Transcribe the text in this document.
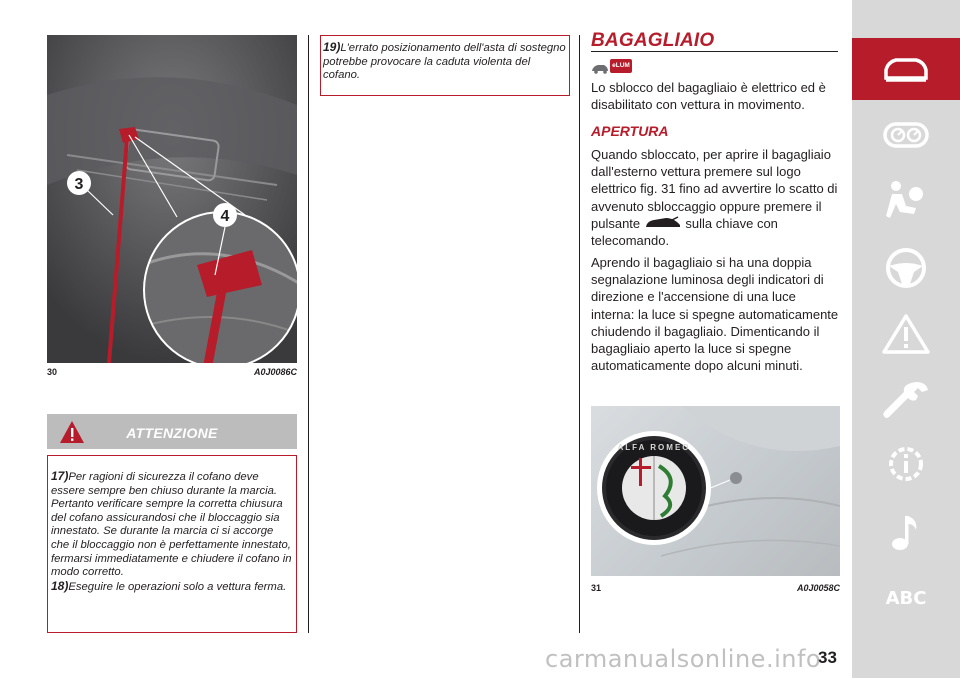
3
4
30	A0J0086C
ATTENZIONE

17)Per ragioni di sicurezza il cofano deve essere sempre ben chiuso durante la marcia. Pertanto verificare sempre la corretta chiusura del cofano assicurandosi che il bloccaggio sia innestato. Se durante la marcia ci si accorge che il bloccaggio non è perfettamente innestato, fermarsi immediatamente e chiudere il cofano in modo corretto.

18)Eseguire le operazioni solo a vettura ferma.

19)L'errato posizionamento dell'asta di sostegno potrebbe provocare la caduta violenta del cofano.

BAGAGLIAIO
eLUM

Lo sblocco del bagagliaio è elettrico ed è disabilitato con vettura in movimento.

APERTURA

Quando sbloccato, per aprire il bagagliaio dall'esterno vettura premere sul logo elettrico fig. 31 fino ad avvertire lo scatto di avvenuto sbloccaggio oppure premere il pulsante	sulla chiave con telecomando.

Aprendo il bagagliaio si ha una doppia segnalazione luminosa degli indicatori di direzione e l'accensione di una luce interna: la luce si spegne automaticamente chiudendo il bagagliaio. Dimenticando il bagagliaio aperto la luce si spegne automaticamente dopo alcuni minuti.

ALFA ROMEO
31	A0J0058C	ABC
33
carmanualsonline.info
